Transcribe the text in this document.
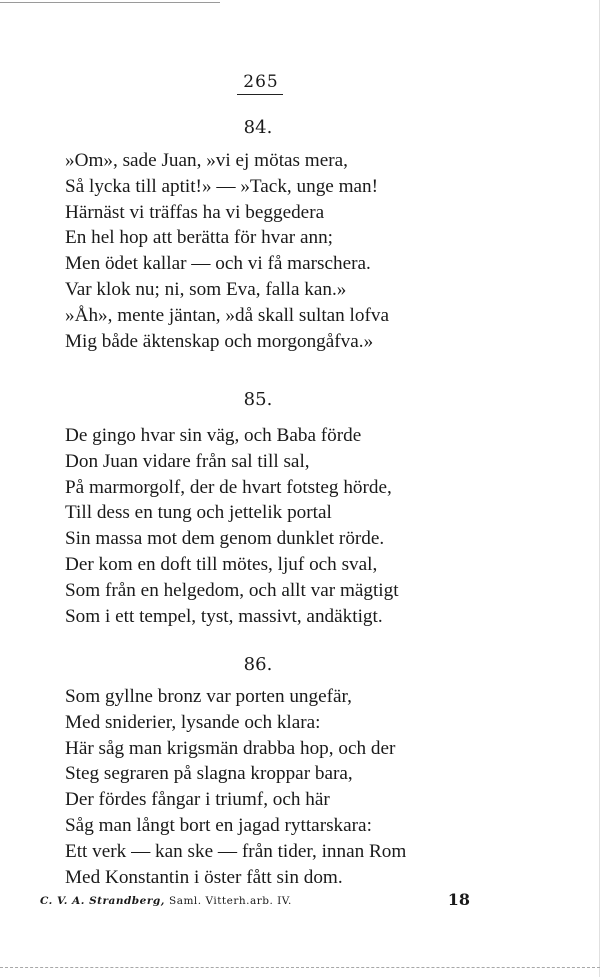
265
84.
»Om», sade Juan, »vi ej mötas mera,
Så lycka till aptit!» — »Tack, unge man!
Härnäst vi träffas ha vi beggedera
En hel hop att berätta för hvar ann;
Men ödet kallar — och vi få marschera.
Var klok nu; ni, som Eva, falla kan.»
»Åh», mente jäntan, »då skall sultan lofva
Mig både äktenskap och morgongåfva.»
85.
De gingo hvar sin väg, och Baba förde
Don Juan vidare från sal till sal,
På marmorgolf, der de hvart fotsteg hörde,
Till dess en tung och jettelik portal
Sin massa mot dem genom dunklet rörde.
Der kom en doft till mötes, ljuf och sval,
Som från en helgedom, och allt var mägtigt
Som i ett tempel, tyst, massivt, andäktigt.
86.
Som gyllne bronz var porten ungefär,
Med sniderier, lysande och klara:
Här såg man krigsmän drabba hop, och der
Steg segraren på slagna kroppar bara,
Der fördes fångar i triumf, och här
Såg man långt bort en jagad ryttarskara:
Ett verk — kan ske — från tider, innan Rom
Med Konstantin i öster fått sin dom.
C. V. A. Strandberg, Saml. Vitterh.arb. IV.	18
